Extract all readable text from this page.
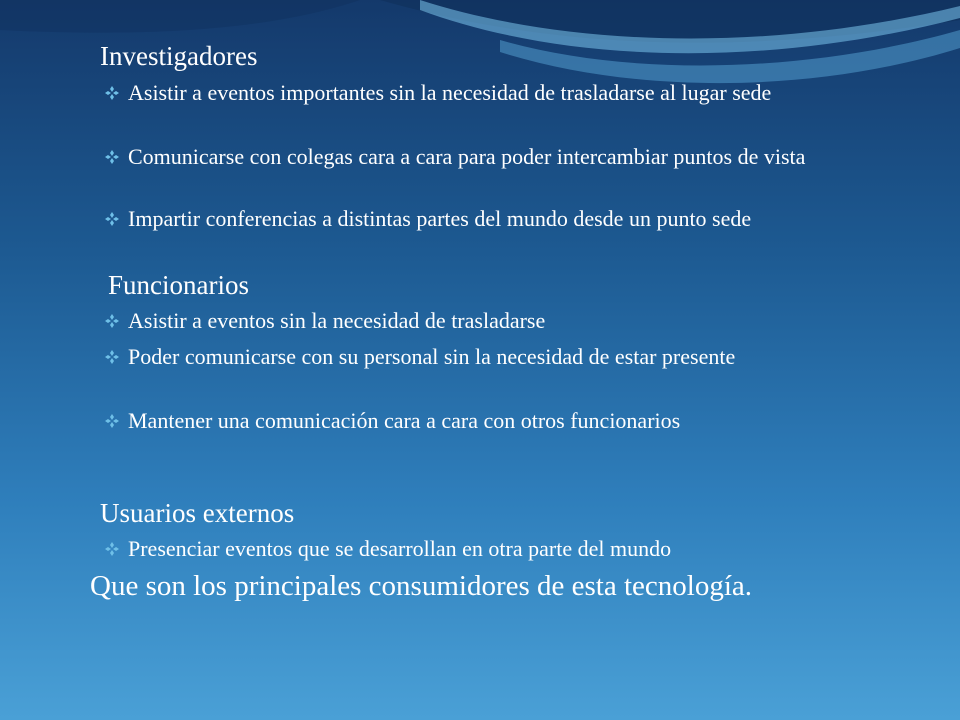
Investigadores
Asistir a eventos importantes sin la necesidad de trasladarse al lugar sede
Comunicarse con colegas cara a cara para poder intercambiar puntos de vista
Impartir conferencias a distintas partes del mundo desde un punto sede
Funcionarios
Asistir a eventos sin la necesidad de trasladarse
Poder comunicarse con su personal sin la necesidad de estar presente
Mantener una comunicación cara a cara con otros funcionarios
Usuarios externos
Presenciar eventos que se desarrollan en otra parte del mundo
Que son los principales consumidores de esta tecnología.
